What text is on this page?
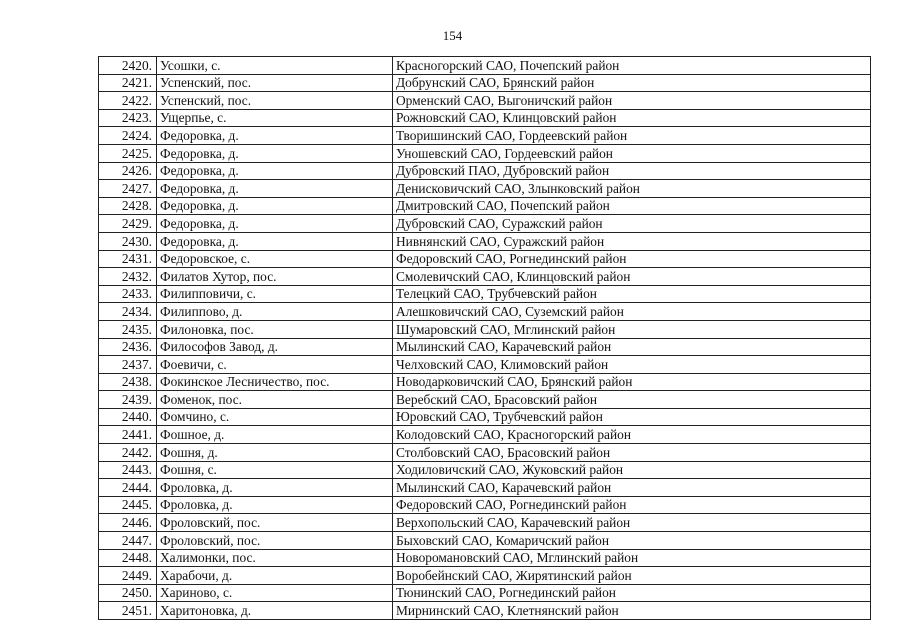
154
2420.	Усошки, с.	Красногорский САО, Почепский район
2421.	Успенский, пос.	Добрунский САО, Брянский район
2422.	Успенский, пос.	Орменский САО, Выгоничский район
2423.	Ущерпье, с.	Рожновский САО, Клинцовский район
2424.	Федоровка, д.	Творишинский САО, Гордеевский район
2425.	Федоровка, д.	Уношевский САО, Гордеевский район
2426.	Федоровка, д.	Дубровский ПАО, Дубровский район
2427.	Федоровка, д.	Денисковичский САО, Злынковский район
2428.	Федоровка, д.	Дмитровский САО, Почепский район
2429.	Федоровка, д.	Дубровский САО, Суражский район
2430.	Федоровка, д.	Нивнянский САО, Суражский район
2431.	Федоровское, с.	Федоровский САО, Рогнединский район
2432.	Филатов Хутор, пос.	Смолевичский САО, Клинцовский район
2433.	Филипповичи, с.	Телецкий САО, Трубчевский район
2434.	Филиппово, д.	Алешковичский САО, Суземский район
2435.	Филоновка, пос.	Шумаровский САО, Мглинский район
2436.	Философов Завод, д.	Мылинский САО, Карачевский район
2437.	Фоевичи, с.	Челховский САО, Климовский район
2438.	Фокинское Лесничество, пос.	Новодарковичский САО, Брянский район
2439.	Фоменок, пос.	Веребский САО, Брасовский район
2440.	Фомчино, с.	Юровский САО, Трубчевский район
2441.	Фошное, д.	Колодовский САО, Красногорский район
2442.	Фошня, д.	Столбовский САО, Брасовский район
2443.	Фошня, с.	Ходиловичский САО, Жуковский район
2444.	Фроловка, д.	Мылинский САО, Карачевский район
2445.	Фроловка, д.	Федоровский САО, Рогнединский район
2446.	Фроловский, пос.	Верхопольский САО, Карачевский район
2447.	Фроловский, пос.	Быховский САО, Комаричский район
2448.	Халимонки, пос.	Новоромановский САО, Мглинский район
2449.	Харабочи, д.	Воробейнский САО, Жирятинский район
2450.	Хариново, с.	Тюнинский САО, Рогнединский район
2451.	Харитоновка, д.	Мирнинский САО, Клетнянский район
